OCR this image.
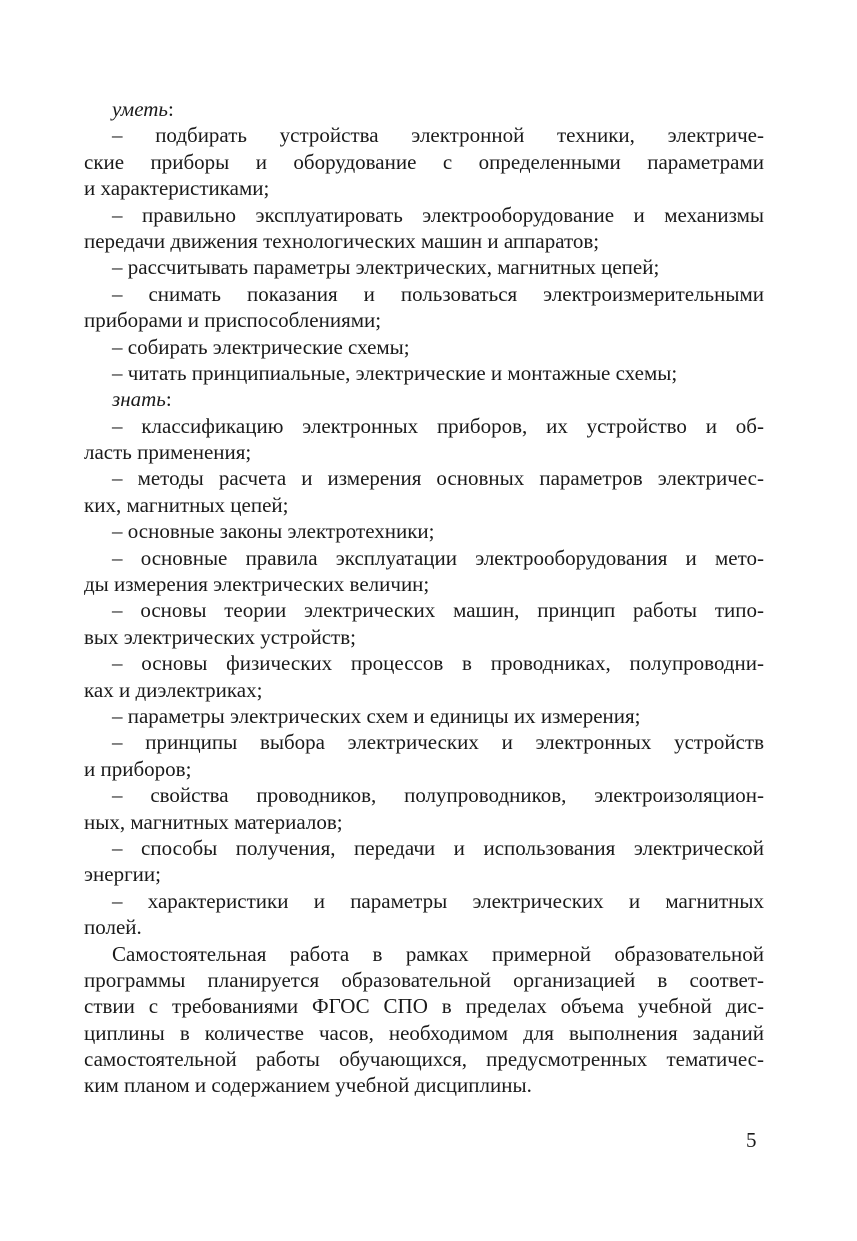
уметь:
– подбирать устройства электронной техники, электриче-
ские приборы и оборудование с определенными параметрами
и характеристиками;
– правильно эксплуатировать электрооборудование и механизмы
передачи движения технологических машин и аппаратов;
– рассчитывать параметры электрических, магнитных цепей;
– снимать показания и пользоваться электроизмерительными
приборами и приспособлениями;
– собирать электрические схемы;
– читать принципиальные, электрические и монтажные схемы;
знать:
– классификацию электронных приборов, их устройство и об-
ласть применения;
– методы расчета и измерения основных параметров электричес-
ких, магнитных цепей;
– основные законы электротехники;
– основные правила эксплуатации электрооборудования и мето-
ды измерения электрических величин;
– основы теории электрических машин, принцип работы типо-
вых электрических устройств;
– основы физических процессов в проводниках, полупроводни-
ках и диэлектриках;
– параметры электрических схем и единицы их измерения;
– принципы выбора электрических и электронных устройств
и приборов;
– свойства проводников, полупроводников, электроизоляцион-
ных, магнитных материалов;
– способы получения, передачи и использования электрической
энергии;
– характеристики и параметры электрических и магнитных
полей.
Самостоятельная работа в рамках примерной образовательной
программы планируется образовательной организацией в соответ-
ствии с требованиями ФГОС СПО в пределах объема учебной дис-
циплины в количестве часов, необходимом для выполнения заданий
самостоятельной работы обучающихся, предусмотренных тематичес-
ким планом и содержанием учебной дисциплины.
5
